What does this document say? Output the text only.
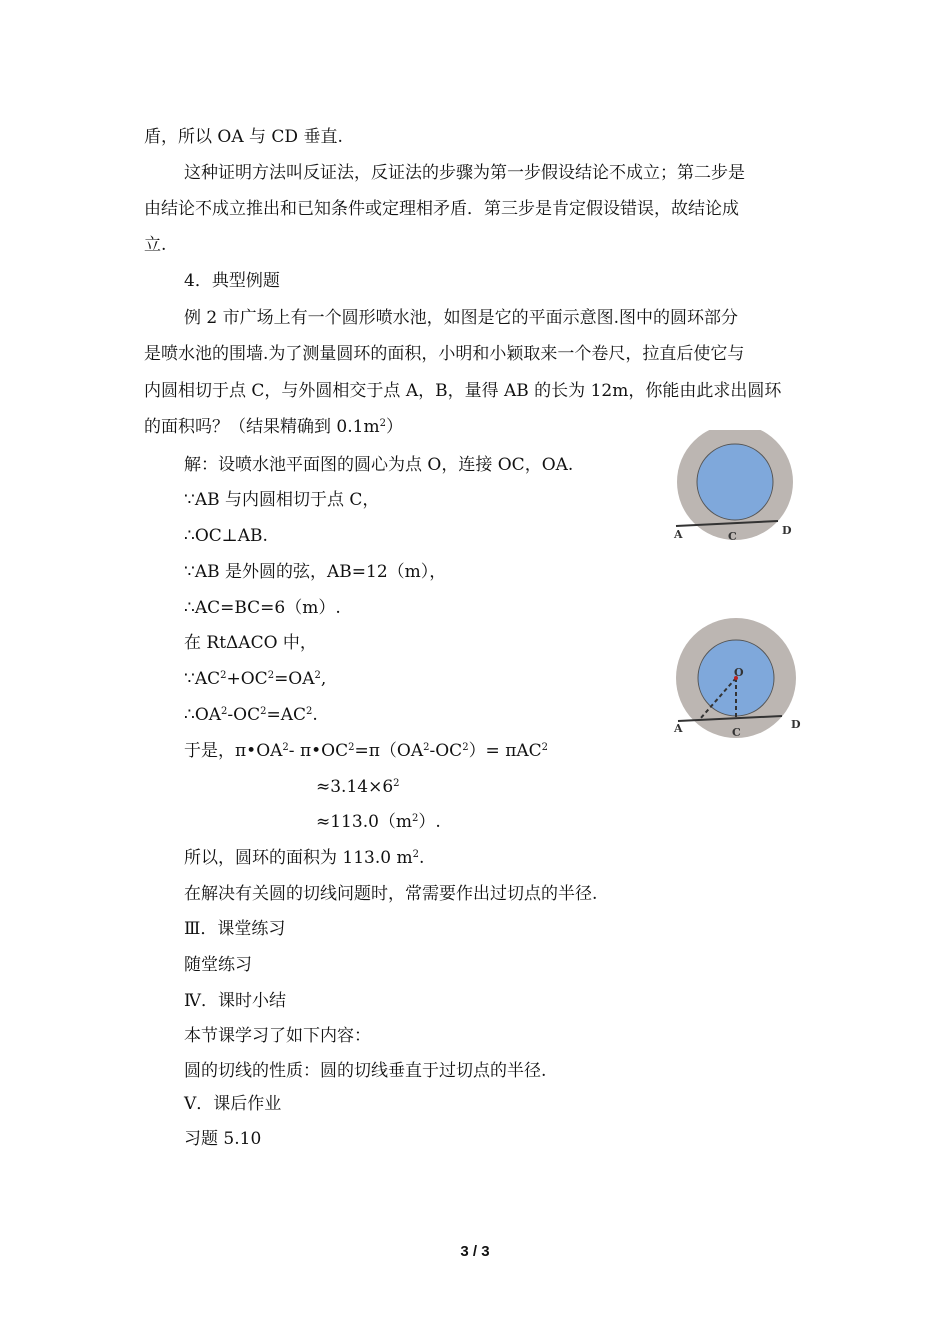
盾，所以 OA 与 CD 垂直.
这种证明方法叫反证法，反证法的步骤为第一步假设结论不成立；第二步是
由结论不成立推出和已知条件或定理相矛盾．第三步是肯定假设错误，故结论成
立.
4．典型例题
例 2 市广场上有一个圆形喷水池，如图是它的平面示意图.图中的圆环部分
是喷水池的围墙.为了测量圆环的面积，小明和小颖取来一个卷尺，拉直后使它与
内圆相切于点 C，与外圆相交于点 A，B，量得 AB 的长为 12m，你能由此求出圆环
的面积吗？（结果精确到 $0.1m^2$）
解：设喷水池平面图的圆心为点 O，连接 OC，OA.
∵AB 与内圆相切于点 C，
∴OC⊥AB.
∵AB 是外圆的弦，AB=12（m），
∴AC=BC=6（m）.
在 RtΔACO 中，
$\because AC^2+OC^2=OA^2$,
$\therefore OA^2-OC^2=AC^2$.
于是，$\pi•OA^2-$ $\pi•OC^2=\pi(OA^2-OC^2)= \pi AC^2$
$\approx 3.14\times 6^2$
$\approx 113.0(m^2)$.
所以，圆环的面积为 113.0 $m^2$.
在解决有关圆的切线问题时，常需要作出过切点的半径.
Ⅲ．课堂练习
随堂练习
Ⅳ．课时小结
本节课学习了如下内容：
圆的切线的性质：圆的切线垂直于过切点的半径.
Ⅴ．课后作业
习题 5.10
A	C	D
O
A	C
D
3 / 3
